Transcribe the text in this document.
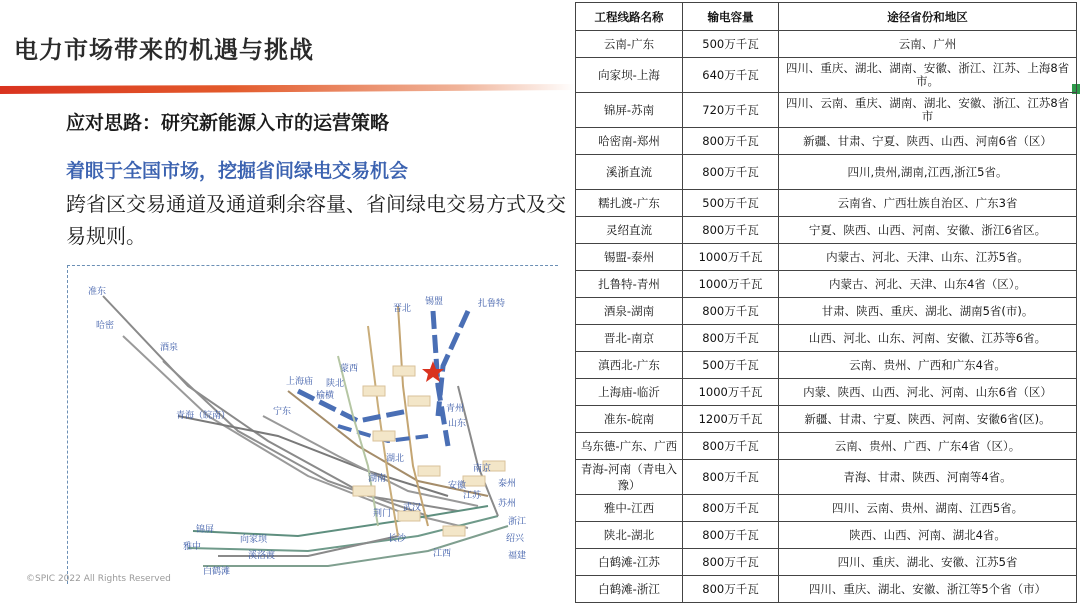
电力市场带来的机遇与挑战
应对思路：研究新能源入市的运营策略
着眼于全国市场，挖掘省间绿电交易机会
跨省区交易通道及通道剩余容量、省间绿电交易方式及交易规则。
准东
哈密
酒泉
青海（皖南）	宁东
上海庙 陕北
锦屏
雅中
白鹤滩
向家坝
溪洛渡
扎鲁特
锡盟
晋北
蒙西
榆横
青州
山东
江苏
湖南
江西
武汉
浙江
福建
安徽
绍兴
南京
泰州
苏州
湖北
荆门
长沙
©SPIC 2022 All Rights Reserved
工程线路名称	输电容量	途径省份和地区
云南-广东	500万千瓦	云南、广州
向家坝-上海	640万千瓦	四川、重庆、湖北、湖南、安徽、浙江、江苏、上海8省市。
锦屏-苏南	720万千瓦	四川、云南、重庆、湖南、湖北、安徽、浙江、江苏8省市
哈密南-郑州	800万千瓦	新疆、甘肃、宁夏、陕西、山西、河南6省（区）
溪浙直流	800万千瓦	四川,贵州,湖南,江西,浙江5省。
糯扎渡-广东	500万千瓦	云南省、广西壮族自治区、广东3省
灵绍直流	800万千瓦	宁夏、陕西、山西、河南、安徽、浙江6省区。
锡盟-泰州	1000万千瓦	内蒙古、河北、天津、山东、江苏5省。
扎鲁特-青州	1000万千瓦	内蒙古、河北、天津、山东4省（区）。
酒泉-湖南	800万千瓦	甘肃、陕西、重庆、湖北、湖南5省(市)。
晋北-南京	800万千瓦	山西、河北、山东、河南、安徽、江苏等6省。
滇西北-广东	500万千瓦	云南、贵州、广西和广东4省。
上海庙-临沂	1000万千瓦	内蒙、陕西、山西、河北、河南、山东6省（区）
准东-皖南	1200万千瓦	新疆、甘肃、宁夏、陕西、河南、安徽6省(区)。
乌东德-广东、广西	800万千瓦	云南、贵州、广西、广东4省（区）。
青海-河南（青电入豫）	800万千瓦	青海、甘肃、陕西、河南等4省。
雅中-江西	800万千瓦	四川、云南、贵州、湖南、江西5省。
陕北-湖北	800万千瓦	陕西、山西、河南、湖北4省。
白鹤滩-江苏	800万千瓦	四川、重庆、湖北、安徽、江苏5省
白鹤滩-浙江	800万千瓦	四川、重庆、湖北、安徽、浙江等5个省（市）
